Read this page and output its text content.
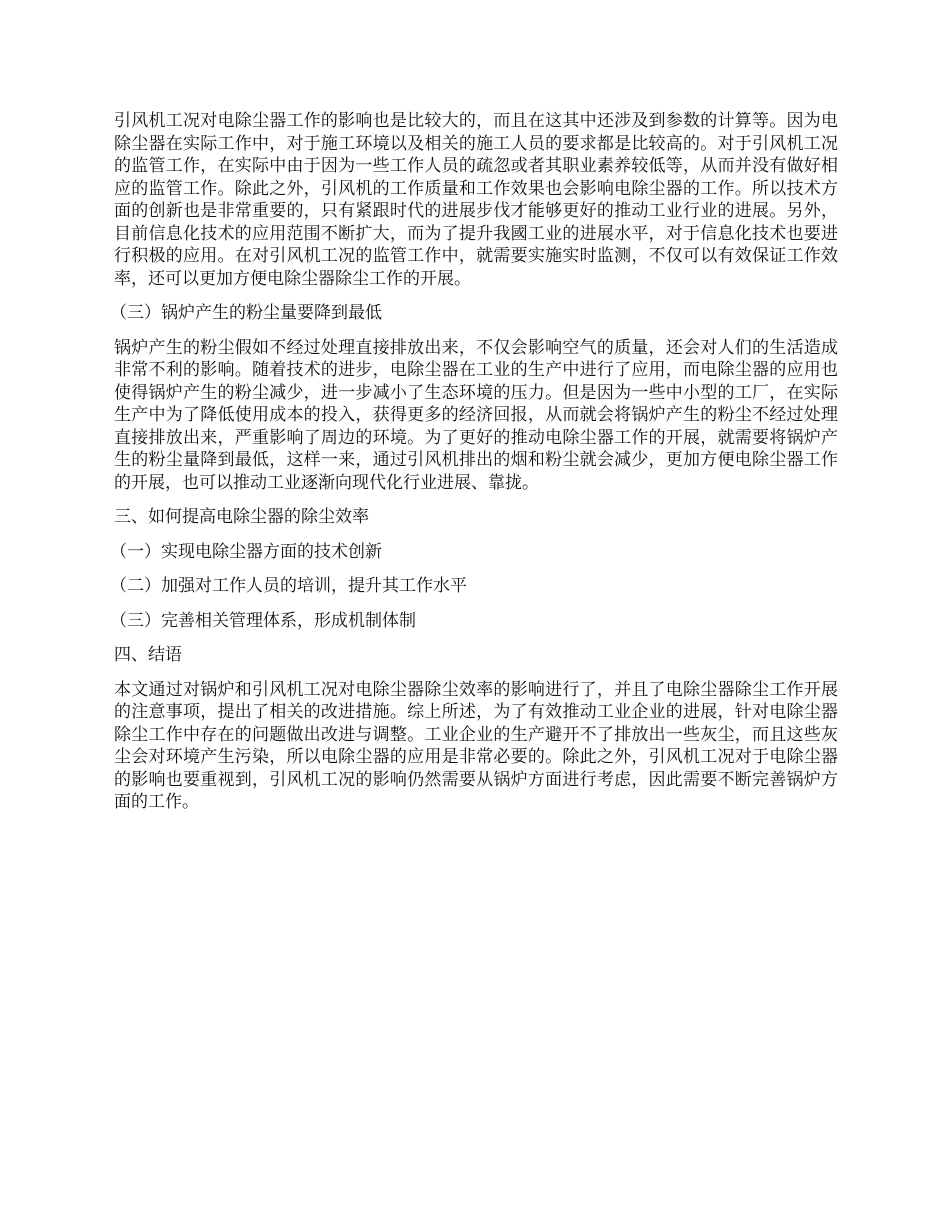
引风机工况对电除尘器工作的影响也是比较大的，而且在这其中还涉及到参数的计算等。因为电除尘器在实际工作中，对于施工环境以及相关的施工人员的要求都是比较高的。对于引风机工况的监管工作，在实际中由于因为一些工作人员的疏忽或者其职业素养较低等，从而并没有做好相应的监管工作。除此之外，引风机的工作质量和工作效果也会影响电除尘器的工作。所以技术方面的创新也是非常重要的，只有紧跟时代的进展步伐才能够更好的推动工业行业的进展。另外，目前信息化技术的应用范围不断扩大，而为了提升我國工业的进展水平，对于信息化技术也要进行积极的应用。在对引风机工况的监管工作中，就需要实施实时监测，不仅可以有效保证工作效率，还可以更加方便电除尘器除尘工作的开展。

（三）锅炉产生的粉尘量要降到最低

锅炉产生的粉尘假如不经过处理直接排放出来，不仅会影响空气的质量，还会对人们的生活造成非常不利的影响。随着技术的进步，电除尘器在工业的生产中进行了应用，而电除尘器的应用也使得锅炉产生的粉尘减少，进一步减小了生态环境的压力。但是因为一些中小型的工厂，在实际生产中为了降低使用成本的投入，获得更多的经济回报，从而就会将锅炉产生的粉尘不经过处理直接排放出来，严重影响了周边的环境。为了更好的推动电除尘器工作的开展，就需要将锅炉产生的粉尘量降到最低，这样一来，通过引风机排出的烟和粉尘就会减少，更加方便电除尘器工作的开展，也可以推动工业逐渐向现代化行业进展、靠拢。

三、如何提高电除尘器的除尘效率

（一）实现电除尘器方面的技术创新

（二）加强对工作人员的培训，提升其工作水平

（三）完善相关管理体系，形成机制体制

四、结语

本文通过对锅炉和引风机工况对电除尘器除尘效率的影响进行了，并且了电除尘器除尘工作开展的注意事项，提出了相关的改进措施。综上所述，为了有效推动工业企业的进展，针对电除尘器除尘工作中存在的问题做出改进与调整。工业企业的生产避开不了排放出一些灰尘，而且这些灰尘会对环境产生污染，所以电除尘器的应用是非常必要的。除此之外，引风机工况对于电除尘器的影响也要重视到，引风机工况的影响仍然需要从锅炉方面进行考虑，因此需要不断完善锅炉方面的工作。
